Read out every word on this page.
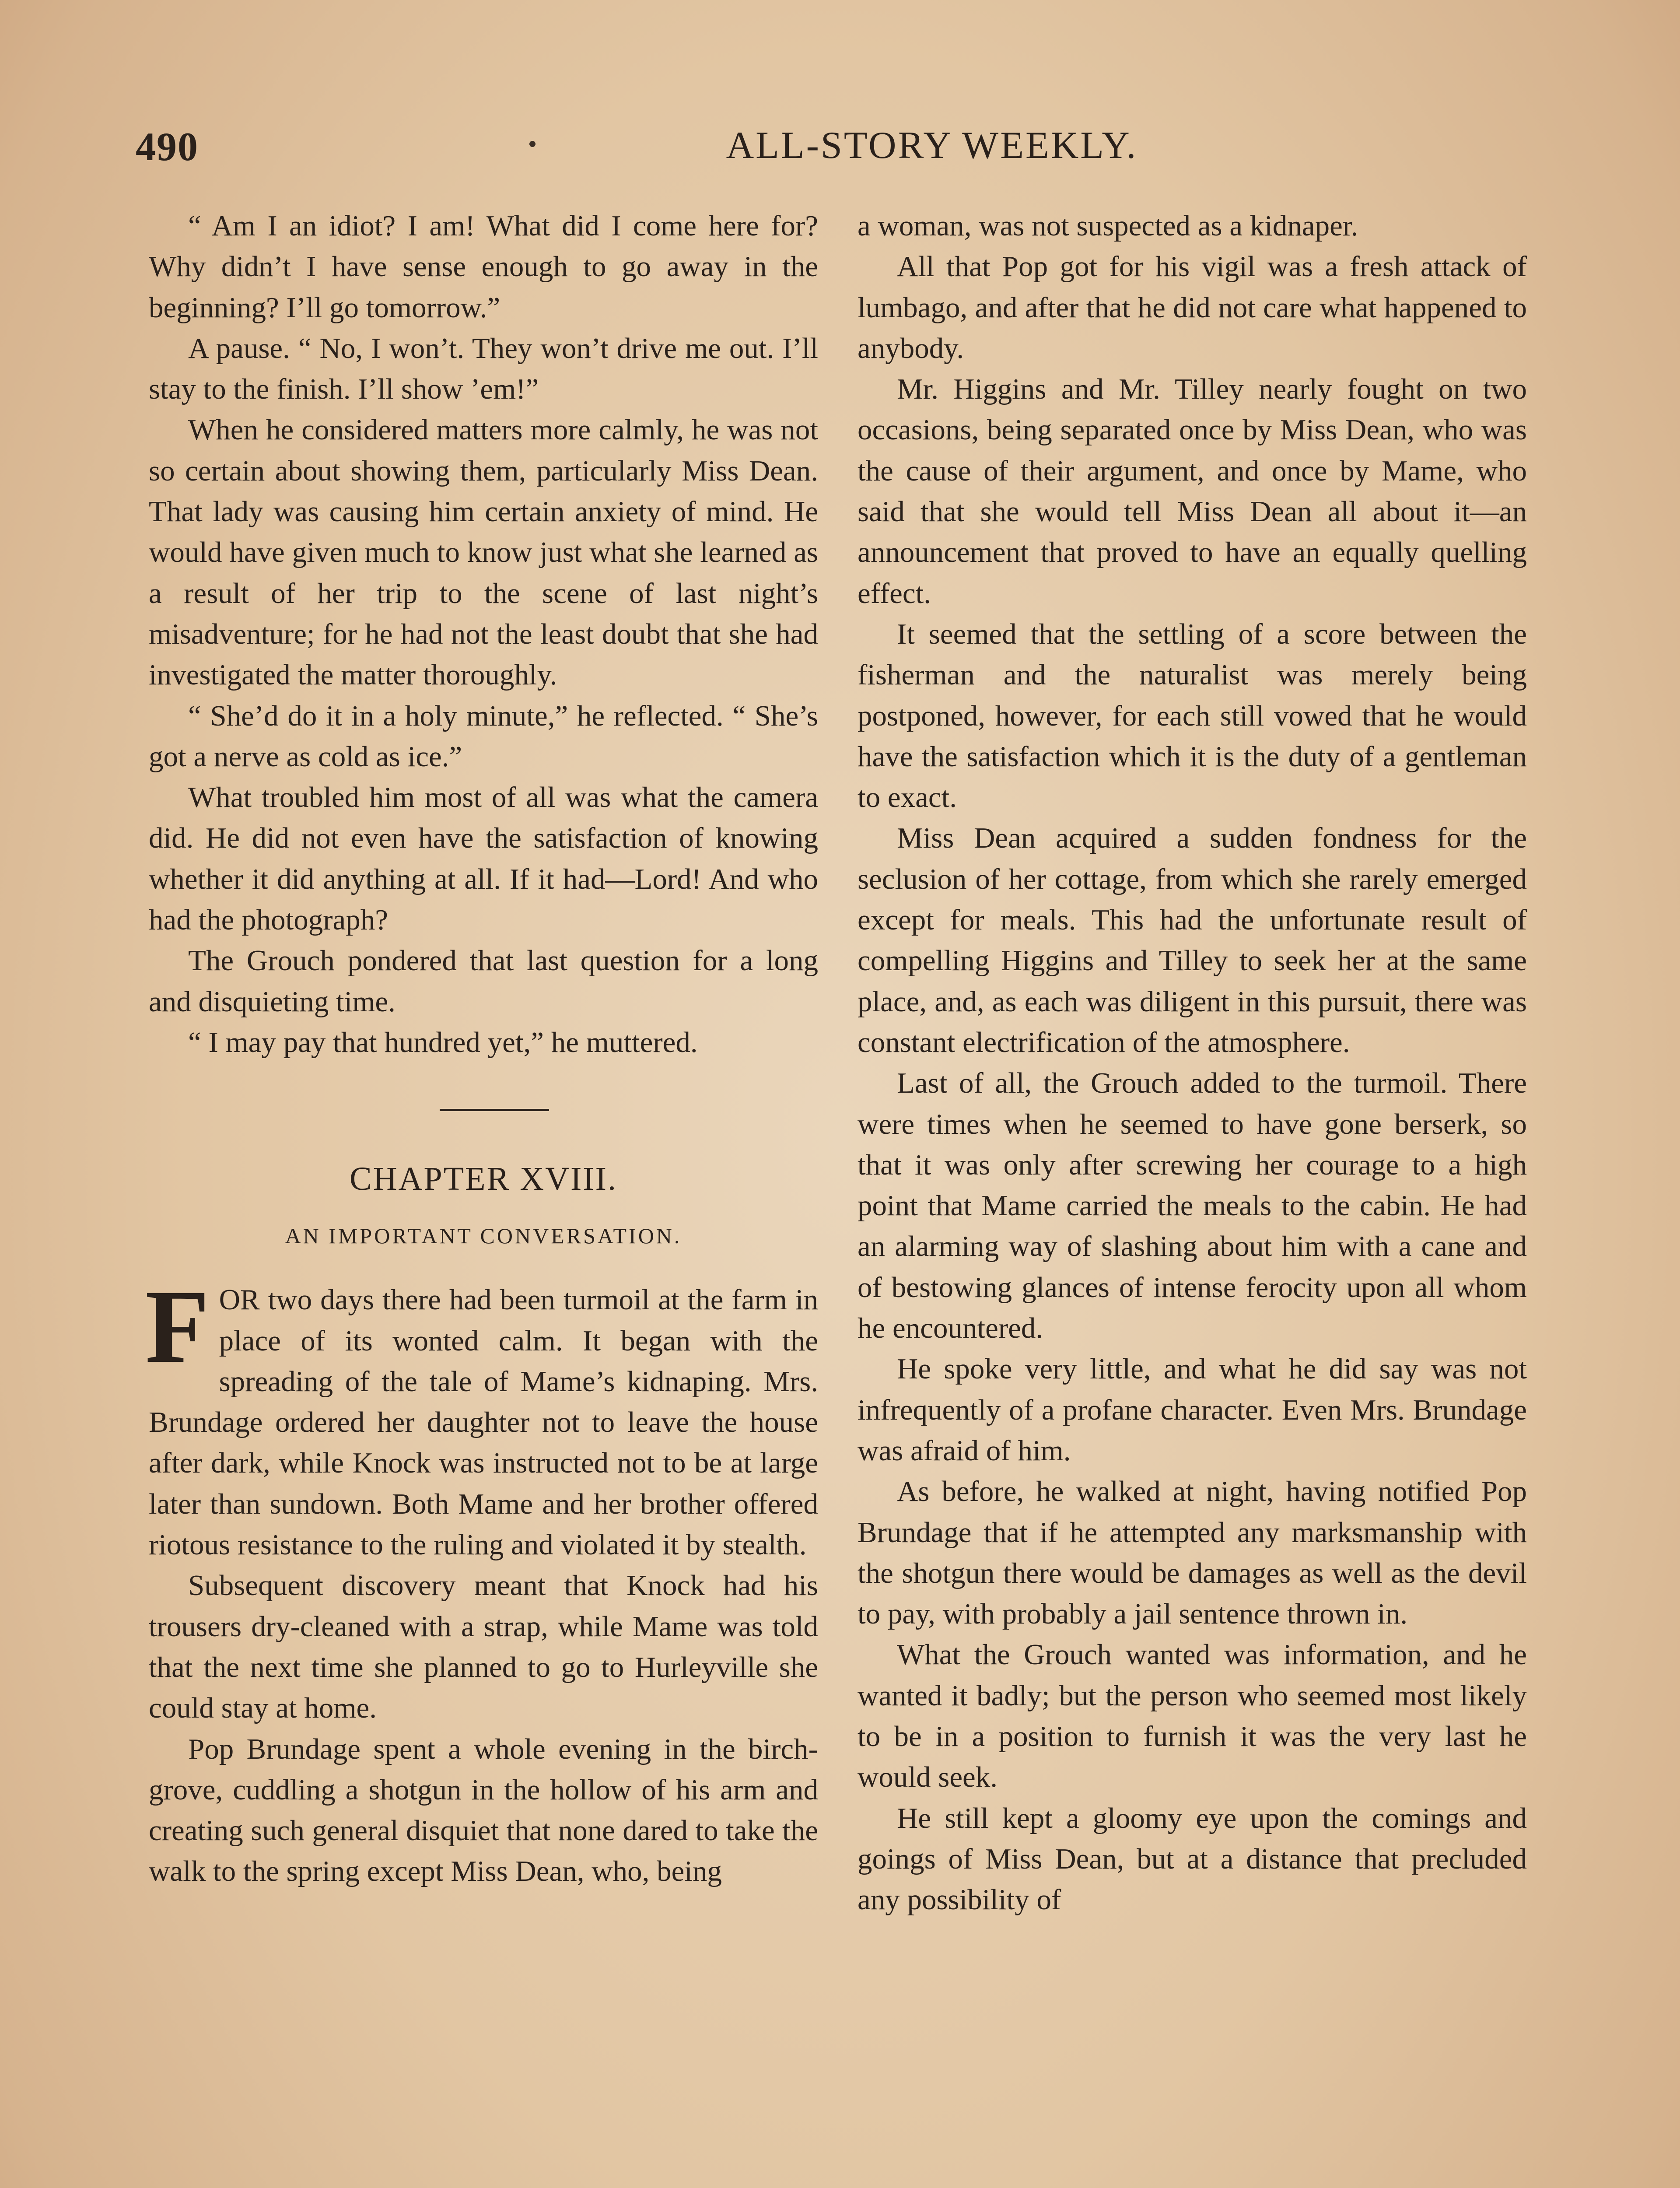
490	ALL-STORY WEEKLY.

“ Am I an idiot? I am! What did I come here for? Why didn’t I have sense enough to go away in the beginning? I’ll go tomorrow.”

A pause. “ No, I won’t. They won’t drive me out. I’ll stay to the finish. I’ll show ’em!”

When he considered matters more calmly, he was not so certain about showing them, particularly Miss Dean. That lady was causing him certain anxiety of mind. He would have given much to know just what she learned as a result of her trip to the scene of last night’s misadventure; for he had not the least doubt that she had investigated the matter thoroughly.

“ She’d do it in a holy minute,” he reflected. “ She’s got a nerve as cold as ice.”

What troubled him most of all was what the camera did. He did not even have the satisfaction of knowing whether it did anything at all. If it had—Lord! And who had the photograph?

The Grouch pondered that last question for a long and disquieting time.

“ I may pay that hundred yet,” he muttered.

CHAPTER XVIII.

AN IMPORTANT CONVERSATION.

FOR two days there had been turmoil at the farm in place of its wonted calm. It began with the spreading of the tale of Mame’s kidnaping. Mrs. Brundage ordered her daughter not to leave the house after dark, while Knock was instructed not to be at large later than sundown. Both Mame and her brother offered riotous resistance to the ruling and violated it by stealth.

Subsequent discovery meant that Knock had his trousers dry-cleaned with a strap, while Mame was told that the next time she planned to go to Hurleyville she could stay at home.

Pop Brundage spent a whole evening in the birch-grove, cuddling a shotgun in the hollow of his arm and creating such general disquiet that none dared to take the walk to the spring except Miss Dean, who, being

a woman, was not suspected as a kidnaper.

All that Pop got for his vigil was a fresh attack of lumbago, and after that he did not care what happened to anybody.

Mr. Higgins and Mr. Tilley nearly fought on two occasions, being separated once by Miss Dean, who was the cause of their argument, and once by Mame, who said that she would tell Miss Dean all about it—an announcement that proved to have an equally quelling effect.

It seemed that the settling of a score between the fisherman and the naturalist was merely being postponed, however, for each still vowed that he would have the satisfaction which it is the duty of a gentleman to exact.

Miss Dean acquired a sudden fondness for the seclusion of her cottage, from which she rarely emerged except for meals. This had the unfortunate result of compelling Higgins and Tilley to seek her at the same place, and, as each was diligent in this pursuit, there was constant electrification of the atmosphere.

Last of all, the Grouch added to the turmoil. There were times when he seemed to have gone berserk, so that it was only after screwing her courage to a high point that Mame carried the meals to the cabin. He had an alarming way of slashing about him with a cane and of bestowing glances of intense ferocity upon all whom he encountered.

He spoke very little, and what he did say was not infrequently of a profane character. Even Mrs. Brundage was afraid of him.

As before, he walked at night, having notified Pop Brundage that if he attempted any marksmanship with the shotgun there would be damages as well as the devil to pay, with probably a jail sentence thrown in.

What the Grouch wanted was information, and he wanted it badly; but the person who seemed most likely to be in a position to furnish it was the very last he would seek.

He still kept a gloomy eye upon the comings and goings of Miss Dean, but at a distance that precluded any possibility of
